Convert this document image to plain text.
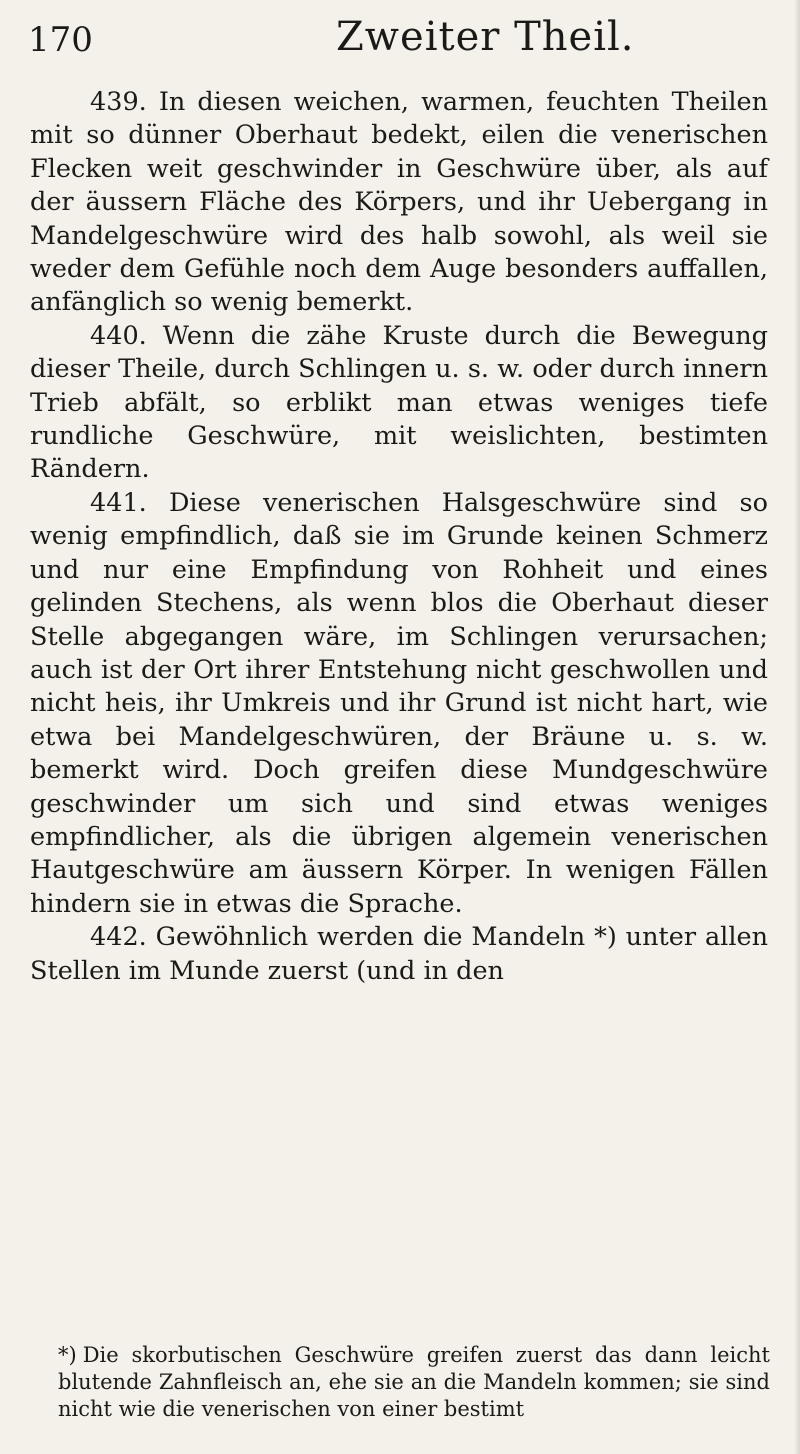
170	Zweiter Theil.

439. In diesen weichen, warmen, feuchten Theilen mit so dünner Oberhaut bedekt, eilen die venerischen Flecken weit geschwinder in Geschwüre über, als auf der äussern Fläche des Körpers, und ihr Uebergang in Mandelgeschwüre wird des halb sowohl, als weil sie weder dem Gefühle noch dem Auge besonders auffallen, anfänglich so wenig bemerkt.

440. Wenn die zähe Kruste durch die Bewegung dieser Theile, durch Schlingen u. s. w. oder durch innern Trieb abfält, so erblikt man etwas weniges tiefe rundliche Geschwüre, mit weislichten, bestimten Rändern.

441. Diese venerischen Halsgeschwüre sind so wenig empfindlich, daß sie im Grunde keinen Schmerz und nur eine Empfindung von Rohheit und eines gelinden Stechens, als wenn blos die Oberhaut dieser Stelle abgegangen wäre, im Schlingen verursachen; auch ist der Ort ihrer Entstehung nicht geschwollen und nicht heis, ihr Umkreis und ihr Grund ist nicht hart, wie etwa bei Mandelgeschwüren, der Bräune u. s. w. bemerkt wird. Doch greifen diese Mundgeschwüre geschwinder um sich und sind etwas weniges empfindlicher, als die übrigen algemein venerischen Hautgeschwüre am äussern Körper. In wenigen Fällen hindern sie in etwas die Sprache.

442. Gewöhnlich werden die Mandeln *) unter allen Stellen im Munde zuerst (und in den

*) Die skorbutischen Geschwüre greifen zuerst das dann leicht blutende Zahnfleisch an, ehe sie an die Mandeln kommen; sie sind nicht wie die venerischen von einer bestimt
